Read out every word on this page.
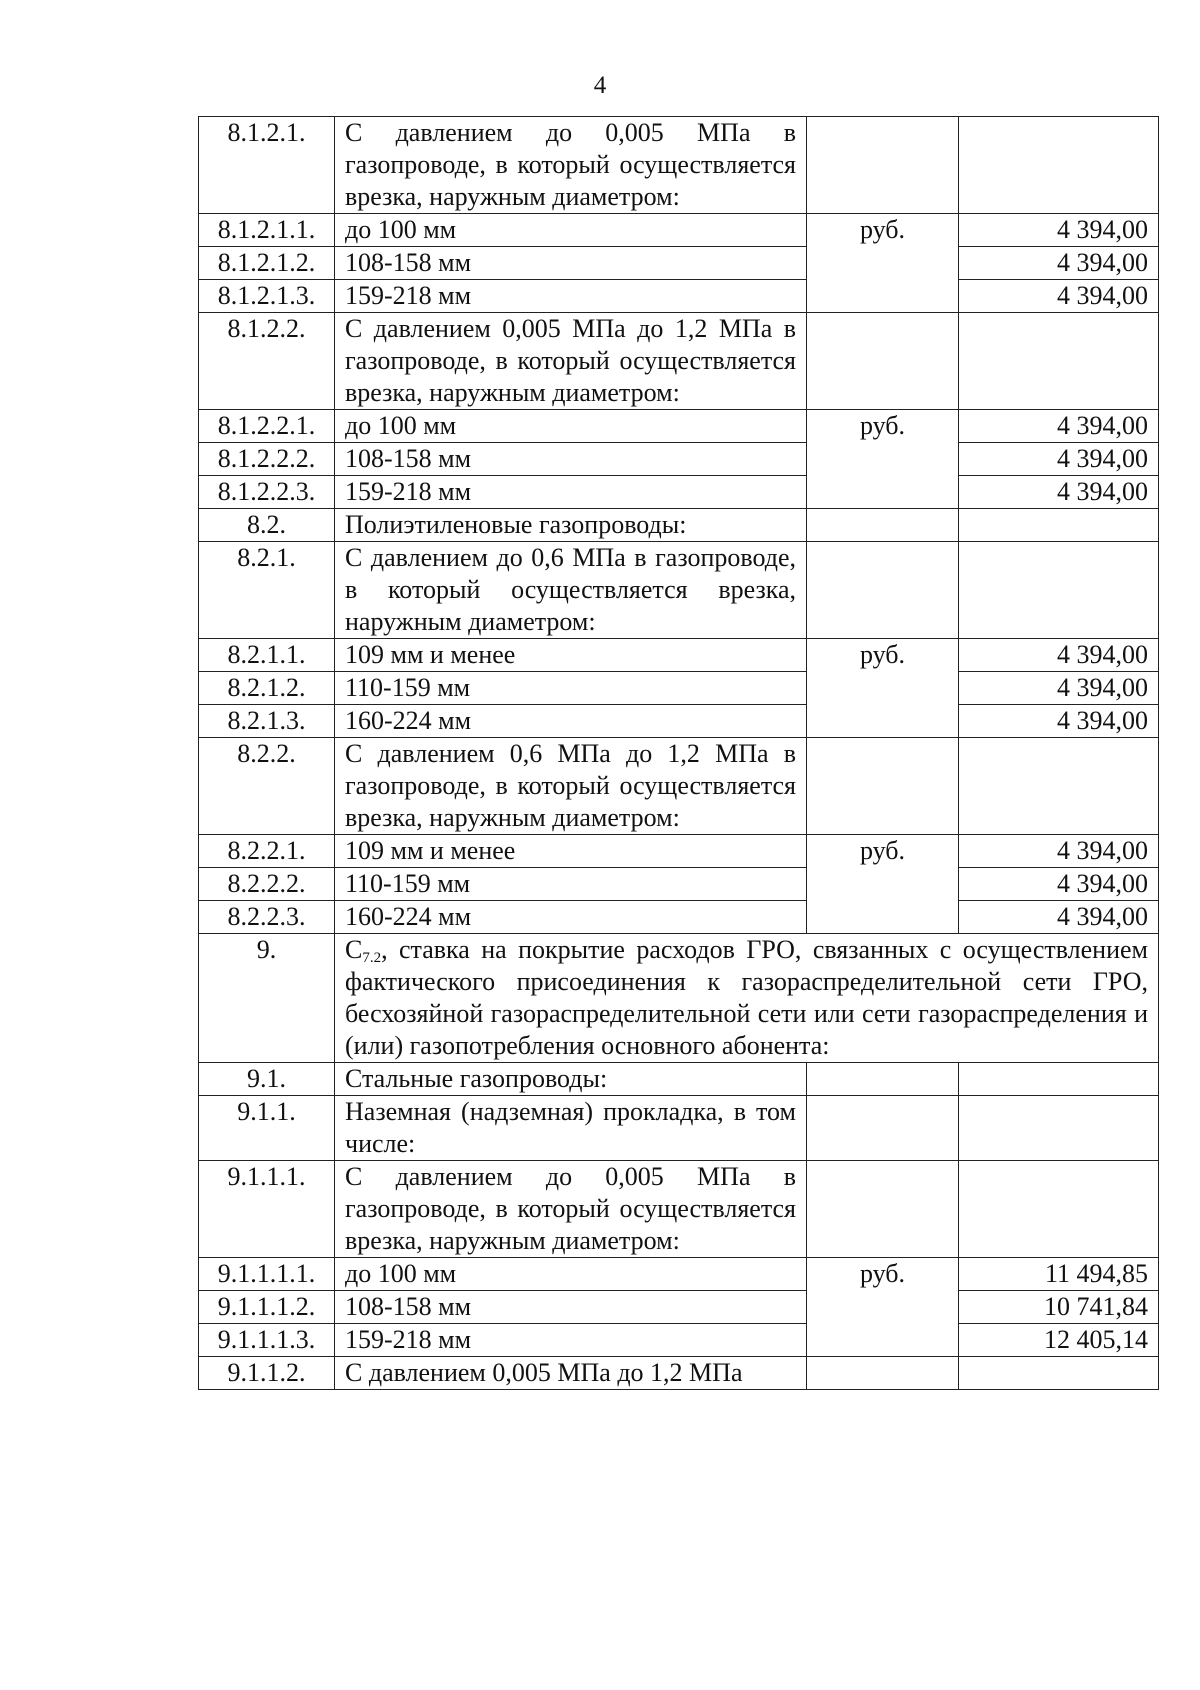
4
8.1.2.1.	С давлением до 0,005 МПа в газопроводе, в который осуществляется врезка, наружным диаметром:		
8.1.2.1.1.	до 100 мм	руб.	4 394,00
8.1.2.1.2.	108-158 мм		4 394,00
8.1.2.1.3.	159-218 мм		4 394,00
8.1.2.2.	С давлением 0,005 МПа до 1,2 МПа в газопроводе, в который осуществляется врезка, наружным диаметром:		
8.1.2.2.1.	до 100 мм	руб.	4 394,00
8.1.2.2.2.	108-158 мм		4 394,00
8.1.2.2.3.	159-218 мм		4 394,00
8.2.	Полиэтиленовые газопроводы:		
8.2.1.	С давлением до 0,6 МПа в газопроводе, в который осуществляется врезка, наружным диаметром:		
8.2.1.1.	109 мм и менее	руб.	4 394,00
8.2.1.2.	110-159 мм		4 394,00
8.2.1.3.	160-224 мм		4 394,00
8.2.2.	С давлением 0,6 МПа до 1,2 МПа в газопроводе, в который осуществляется врезка, наружным диаметром:		
8.2.2.1.	109 мм и менее	руб.	4 394,00
8.2.2.2.	110-159 мм		4 394,00
8.2.2.3.	160-224 мм		4 394,00
9.	$С_{7.2}$, ставка на покрытие расходов ГРО, связанных с осуществлением фактического присоединения к газораспределительной сети ГРО, бесхозяйной газораспределительной сети или сети газораспределения и (или) газопотребления основного абонента:		
9.1.	Стальные газопроводы:		
9.1.1.	Наземная (надземная) прокладка, в том числе:		
9.1.1.1.	С давлением до 0,005 МПа в газопроводе, в который осуществляется врезка, наружным диаметром:		
9.1.1.1.1.	до 100 мм	руб.	11 494,85
9.1.1.1.2.	108-158 мм		10 741,84
9.1.1.1.3.	159-218 мм		12 405,14
9.1.1.2.	С давлением 0,005 МПа до 1,2 МПа		
